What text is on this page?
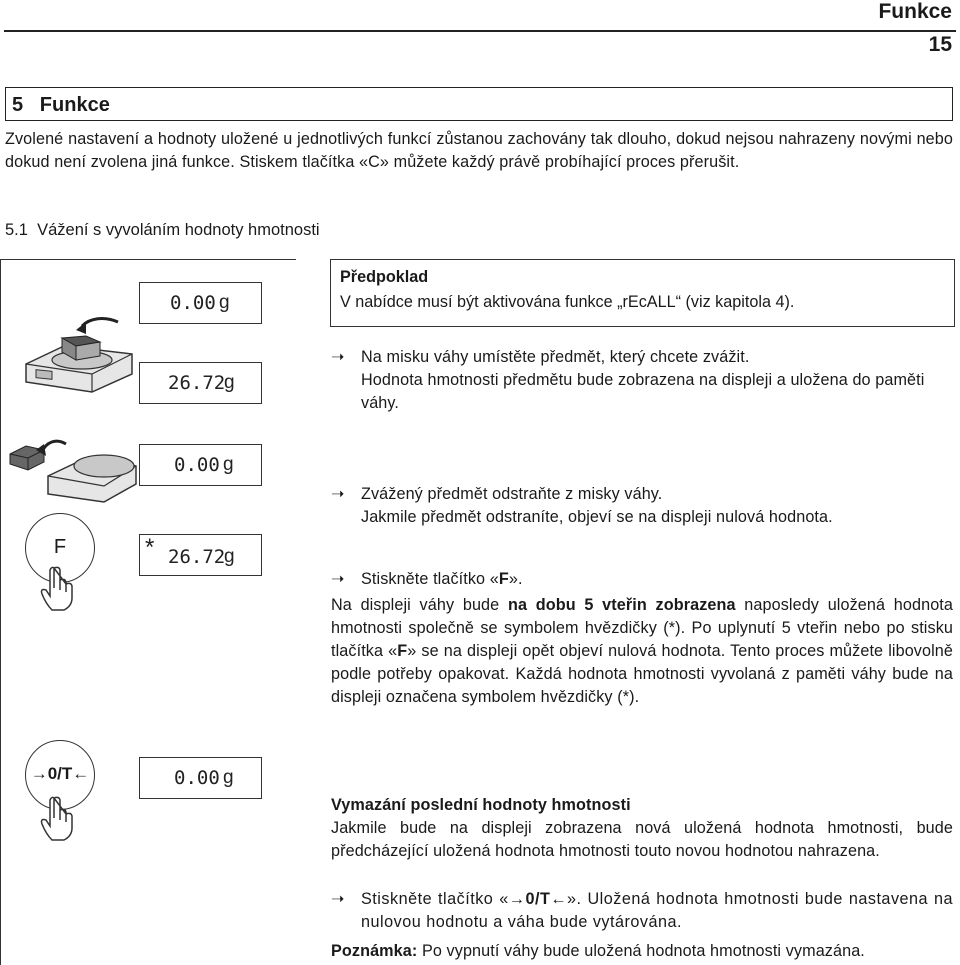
Funkce
15
5   Funkce
Zvolené nastavení a hodnoty uložené u jednotlivých funkcí zůstanou zachovány tak dlouho, dokud nejsou nahrazeny novými nebo dokud není zvolena jiná funkce. Stiskem tlačítka «C» můžete každý právě probíhající proces přerušit.
5.1  Vážení s vyvoláním hodnoty hmotnosti
F
→0/T←
0.00 g
26.72
g
0.00 g
* 26.72
g
0.00 g
Předpoklad
V nabídce musí být aktivována funkce „rEcALL“ (viz kapitola 4).
➝	Na misku váhy umístěte předmět, který chcete zvážit.
Hodnota hmotnosti předmětu bude zobrazena na displeji a uložena do paměti váhy.
➝	Zvážený předmět odstraňte z misky váhy.
Jakmile předmět odstraníte, objeví se na displeji nulová hodnota.
➝	Stiskněte tlačítko «F».
Na displeji váhy bude na dobu 5 vteřin zobrazena naposledy uložená hodnota hmotnosti společně se symbolem hvězdičky (*). Po uplynutí 5 vteřin nebo po stisku tlačítka «F» se na displeji opět objeví nulová hodnota. Tento proces můžete libovolně podle potřeby opakovat. Každá hodnota hmotnosti vyvolaná z paměti váhy bude na displeji označena symbolem hvězdičky (*).
Vymazání poslední hodnoty hmotnosti
Jakmile bude na displeji zobrazena nová uložená hodnota hmotnosti, bude předcházející uložená hodnota hmotnosti touto novou hodnotou nahrazena.
➝	Stiskněte tlačítko «→0/T←». Uložená hodnota hmotnosti bude nastavena na nulovou hodnotu a váha bude vytárována.
Poznámka: Po vypnutí váhy bude uložená hodnota hmotnosti vymazána.
